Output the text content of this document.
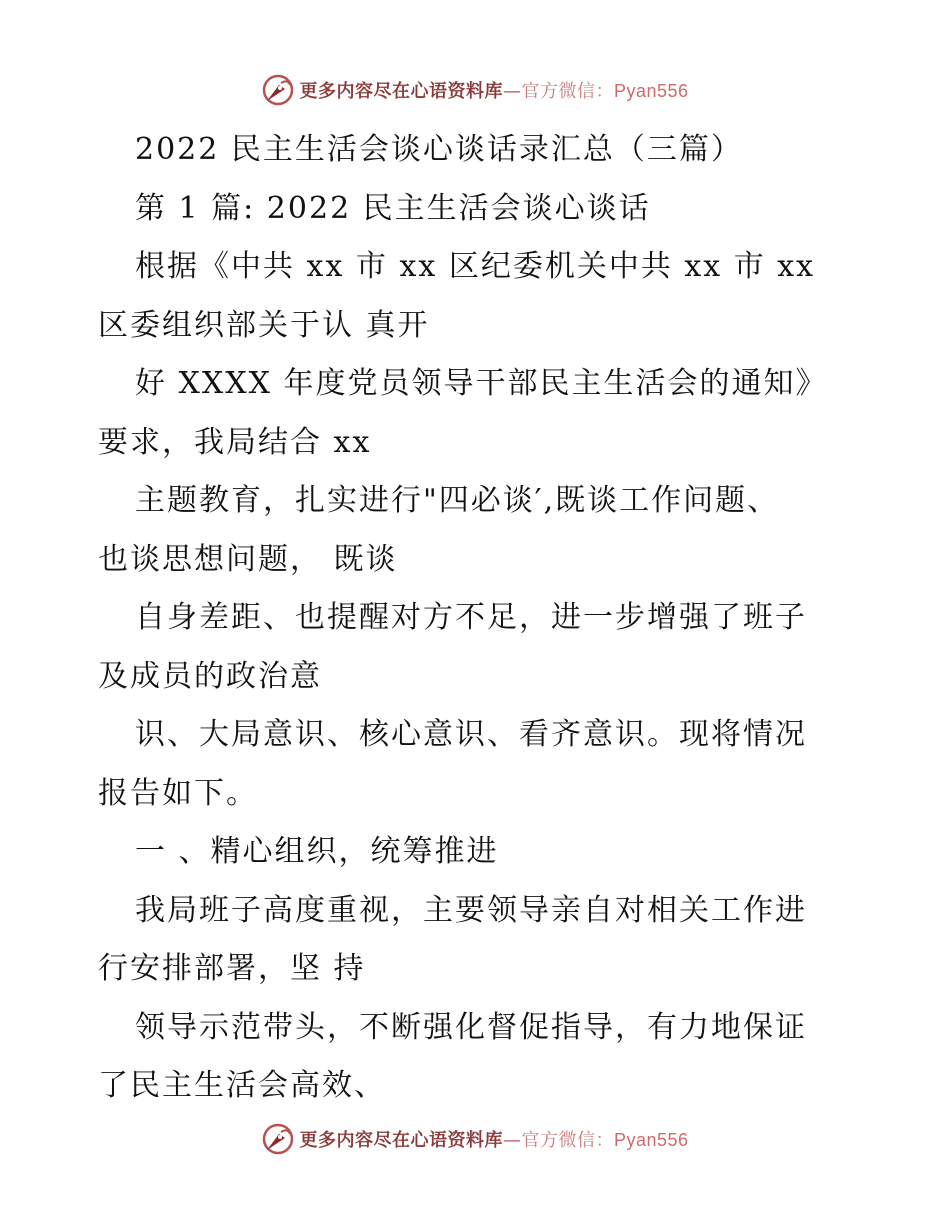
更多内容尽在心语资料库—官方微信：Pyan556
2022 民主生活会谈心谈话录汇总（三篇）
第 1 篇: 2022 民主生活会谈心谈话
根据《中共 xx 市 xx 区纪委机关中共 xx 市 xx
区委组织部关于认 真开
好 XXXX 年度党员领导干部民主生活会的通知》
要求，我局结合 xx
主题教育，扎实进行"四必谈′,既谈工作问题、
也谈思想问题， 既谈
自身差距、也提醒对方不足，进一步增强了班子
及成员的政治意
识、大局意识、核心意识、看齐意识。现将情况
报告如下。
一 、精心组织，统筹推进
我局班子高度重视，主要领导亲自对相关工作进
行安排部署，坚 持
领导示范带头，不断强化督促指导，有力地保证
了民主生活会高效、
更多内容尽在心语资料库—官方微信：Pyan556
